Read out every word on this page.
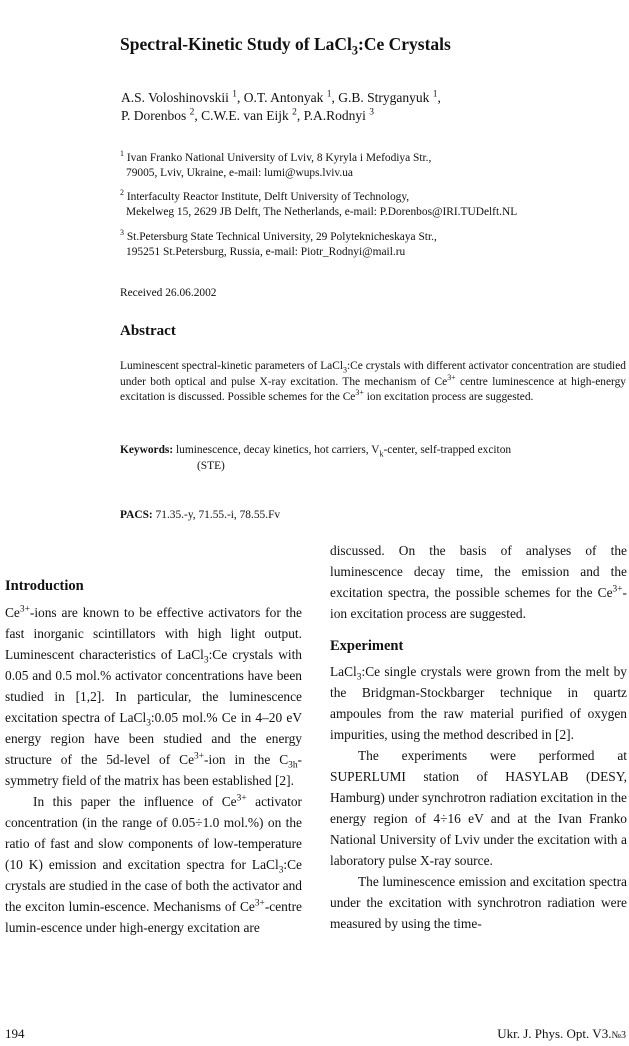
Spectral-Kinetic Study of LaCl$_3$:Ce Crystals
A.S. Voloshinovskii $^1$, O.T. Antonyak $^1$, G.B. Stryganyuk $^1$,
P. Dorenbos $^2$, C.W.E. van Eijk $^2$, P.A.Rodnyi $^3$
$^1$ Ivan Franko National University of Lviv, 8 Kyryla i Mefodiya Str.,
79005, Lviv, Ukraine, e-mail: lumi@wups.lviv.ua
$^2$ Interfaculty Reactor Institute, Delft University of Technology,
Mekelweg 15, 2629 JB Delft, The Netherlands, e-mail: P.Dorenbos@IRI.TUDelft.NL
$^3$ St.Petersburg State Technical University, 29 Polyteknicheskaya Str.,
195251 St.Petersburg, Russia, e-mail: Piotr_Rodnyi@mail.ru
Received 26.06.2002
Abstract
Luminescent spectral-kinetic parameters of LaCl$_3$:Ce crystals with different activator concentration are studied under both optical and pulse X-ray excitation. The mechanism of $Ce^{3+}$ centre luminescence at high-energy excitation is discussed. Possible schemes for the $Ce^{3+}$ ion excitation process are suggested.
Keywords: luminescence, decay kinetics, hot carriers, $V_k$-center, self-trapped exciton
(STE)
PACS: 71.35.-y, 71.55.-i, 78.55.Fv
Introduction

$Ce^{3+}$-ions are known to be effective activators for the fast inorganic scintillators with high light output. Luminescent characteristics of LaCl$_3$:Ce crystals with 0.05 and 0.5 mol.% activator concentrations have been studied in [1,2]. In particular, the luminescence excitation spectra of LaCl$_3$:0.05 mol.% Ce in 4–20 eV energy region have been studied and the energy structure of the 5d-level of $Ce^{3+}$-ion in the $C_{3h}$-symmetry field of the matrix has been established [2].

In this paper the influence of $Ce^{3+}$ activator concentration (in the range of 0.05÷1.0 mol.%) on the ratio of fast and slow components of low-temperature (10 K) emission and excitation spectra for LaCl$_3$:Ce crystals are studied in the case of both the activator and the exciton lumin-escence. Mechanisms of $Ce^{3+}$-centre lumin-escence under high-energy excitation are

discussed. On the basis of analyses of the luminescence decay time, the emission and the excitation spectra, the possible schemes for the $Ce^{3+}$-ion excitation process are suggested.

Experiment

LaCl$_3$:Ce single crystals were grown from the melt by the Bridgman-Stockbarger technique in quartz ampoules from the raw material purified of oxygen impurities, using the method described in [2].

The experiments were performed at SUPERLUMI station of HASYLAB (DESY, Hamburg) under synchrotron radiation excitation in the energy region of 4÷16 eV and at the Ivan Franko National University of Lviv under the excitation with a laboratory pulse X-ray source.

The luminescence emission and excitation spectra under the excitation with synchrotron radiation were measured by using the time-

194	Ukr. J. Phys. Opt. V3.№3
